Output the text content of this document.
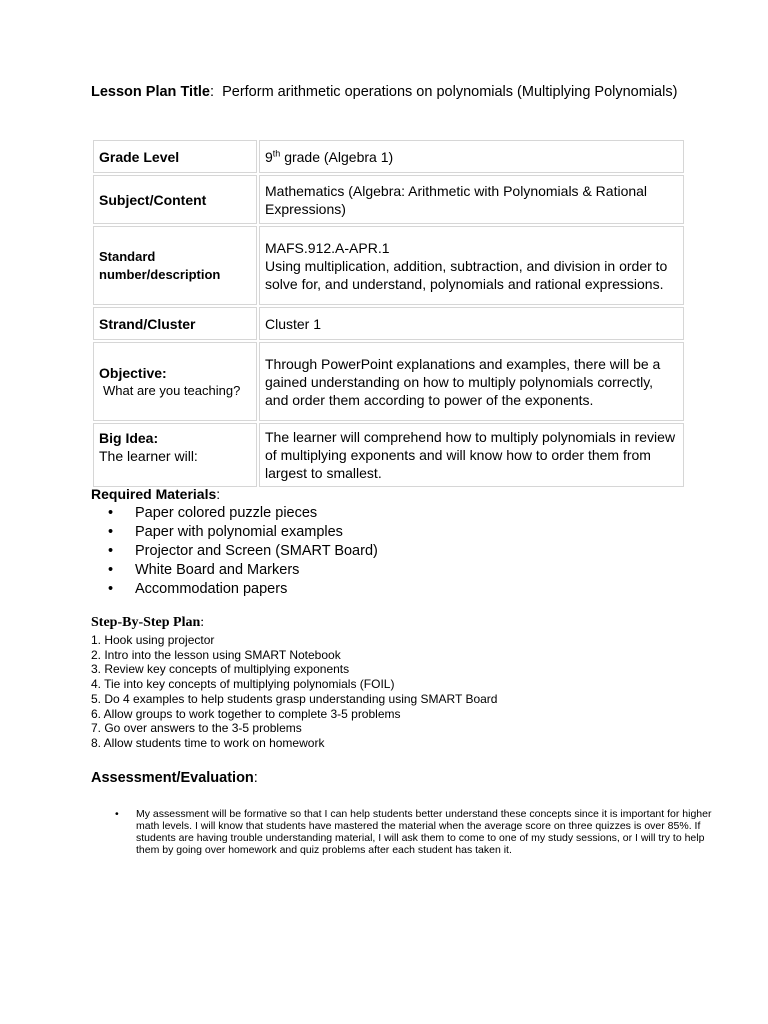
Lesson Plan Title: Perform arithmetic operations on polynomials (Multiplying Polynomials)
Grade Level	9th grade (Algebra 1)
Subject/Content	Mathematics (Algebra: Arithmetic with Polynomials & Rational Expressions)
Standard number/description	MAFS.912.A-APR.1
Using multiplication, addition, subtraction, and division in order to solve for, and understand, polynomials and rational expressions.

Strand/Cluster	Cluster 1
Objective:
What are you teaching?	Through PowerPoint explanations and examples, there will be a gained understanding on how to multiply polynomials correctly, and order them according to power of the exponents.
Big Idea:
The learner will:	The learner will comprehend how to multiply polynomials in review of multiplying exponents and will know how to order them from largest to smallest.
Required Materials:
• Paper colored puzzle pieces
• Paper with polynomial examples
• Projector and Screen (SMART Board)
• White Board and Markers
• Accommodation papers
Step-By-Step Plan:
1. Hook using projector
2. Intro into the lesson using SMART Notebook
3. Review key concepts of multiplying exponents
4. Tie into key concepts of multiplying polynomials (FOIL)
5. Do 4 examples to help students grasp understanding using SMART Board
6. Allow groups to work together to complete 3-5 problems
7. Go over answers to the 3-5 problems
8. Allow students time to work on homework
Assessment/Evaluation:
• My assessment will be formative so that I can help students better understand these concepts since it is important for higher math levels. I will know that students have mastered the material when the average score on three quizzes is over 85%. If students are having trouble understanding material, I will ask them to come to one of my study sessions, or I will try to help them by going over homework and quiz problems after each student has taken it.
